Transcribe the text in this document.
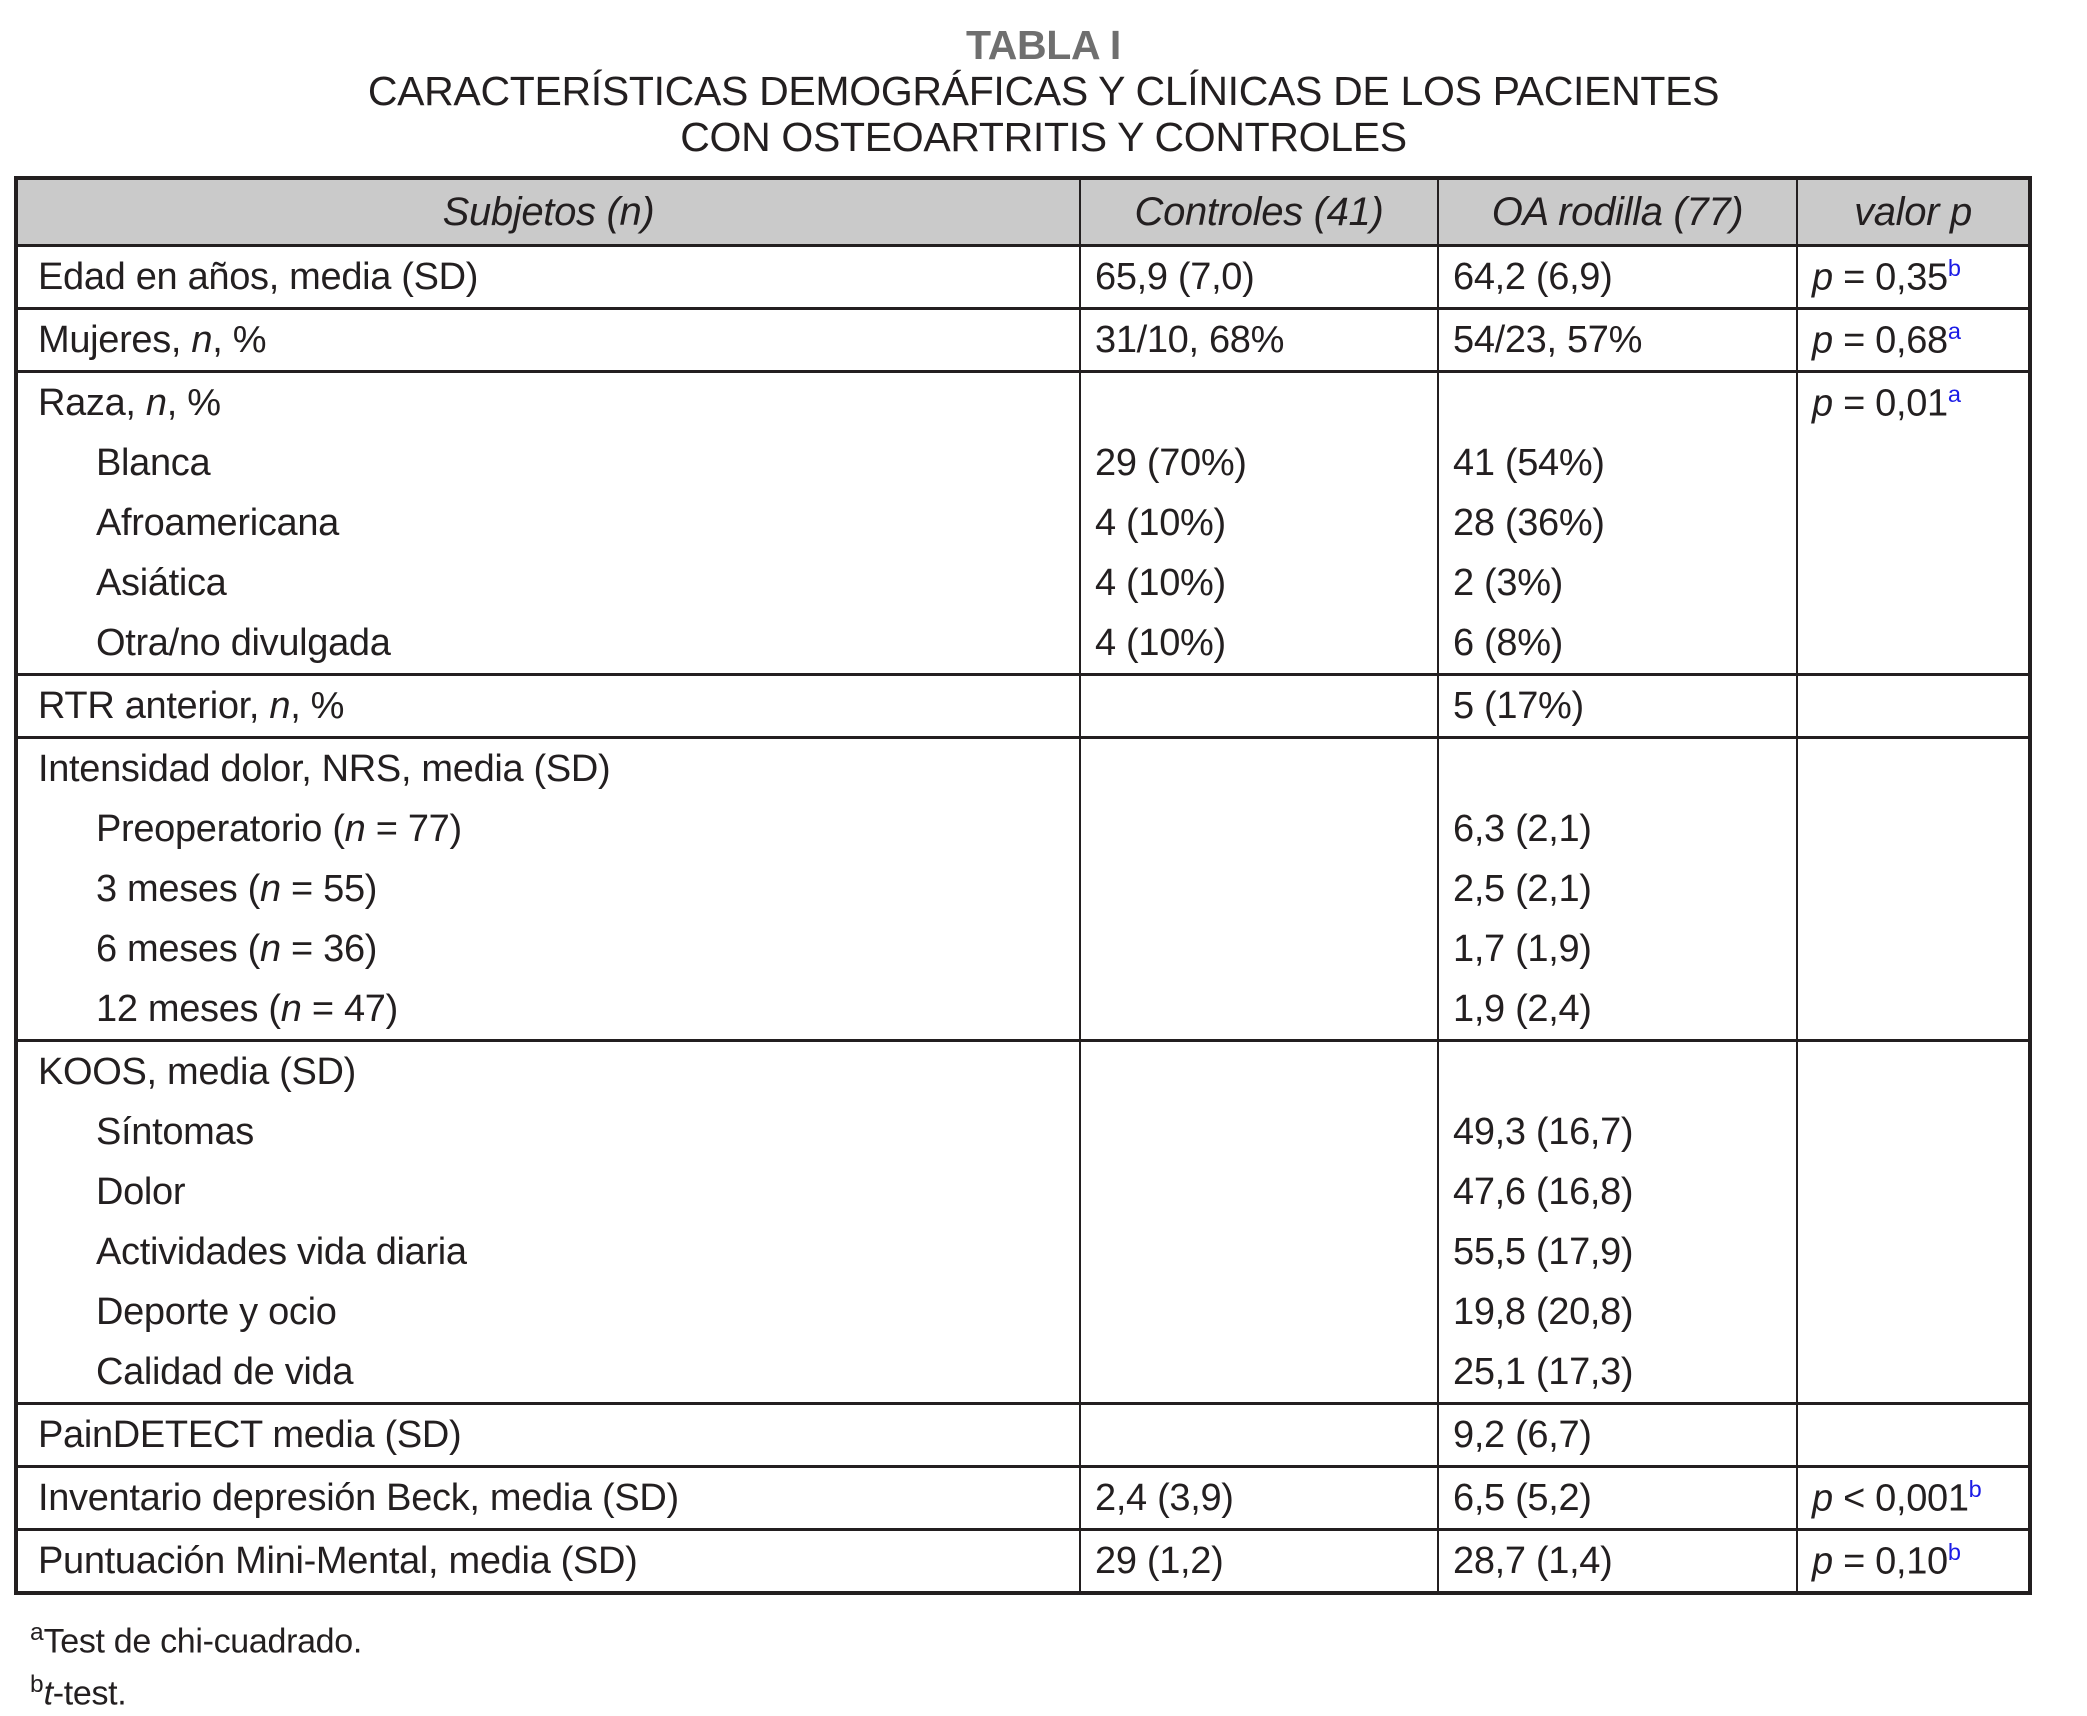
TABLA I
CARACTERÍSTICAS DEMOGRÁFICAS Y CLÍNICAS DE LOS PACIENTES
CON OSTEOARTRITIS Y CONTROLES
Subjetos (n)	Controles (41)	OA rodilla (77)	valor p
Edad en años, media (SD)	65,9 (7,0)	64,2 (6,9)	p = 0,35$^b$
Mujeres, n, %	31/10, 68%	54/23, 57%	p = 0,68$^a$
Raza, n, %			p = 0,01$^a$
Blanca	29 (70%)	41 (54%)	
Afroamericana	4 (10%)	28 (36%)	
Asiática	4 (10%)	2 (3%)	
Otra/no divulgada	4 (10%)	6 (8%)	
RTR anterior, n, %		5 (17%)	
Intensidad dolor, NRS, media (SD)			
Preoperatorio (n = 77)		6,3 (2,1)	
3 meses (n = 55)		2,5 (2,1)	
6 meses (n = 36)		1,7 (1,9)	
12 meses (n = 47)		1,9 (2,4)	
KOOS, media (SD)			
Síntomas		49,3 (16,7)	
Dolor		47,6 (16,8)	
Actividades vida diaria		55,5 (17,9)	
Deporte y ocio		19,8 (20,8)	
Calidad de vida		25,1 (17,3)	
PainDETECT media (SD)		9,2 (6,7)	
Inventario depresión Beck, media (SD)	2,4 (3,9)	6,5 (5,2)	p < 0,001$^b$
Puntuación Mini-Mental, media (SD)	29 (1,2)	28,7 (1,4)	p = 0,10$^b$
$^a$Test de chi-cuadrado.
$^b$t-test.
